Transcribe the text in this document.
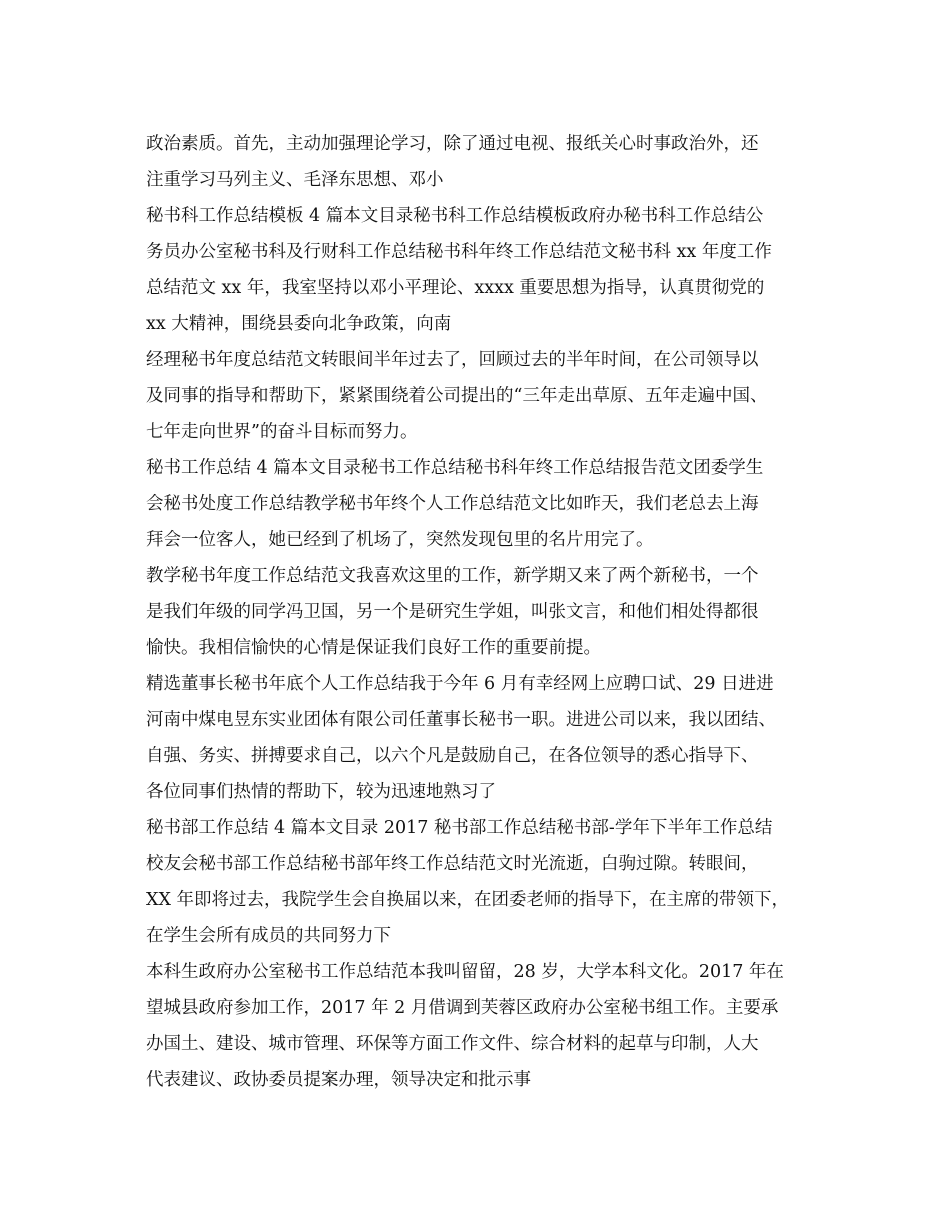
政治素质。首先，主动加强理论学习，除了通过电视、报纸关心时事政治外，还
注重学习马列主义、毛泽东思想、邓小
秘书科工作总结模板 4 篇本文目录秘书科工作总结模板政府办秘书科工作总结公
务员办公室秘书科及行财科工作总结秘书科年终工作总结范文秘书科 xx 年度工作
总结范文 xx 年，我室坚持以邓小平理论、xxxx 重要思想为指导，认真贯彻党的
xx 大精神，围绕县委向北争政策，向南
经理秘书年度总结范文转眼间半年过去了，回顾过去的半年时间，在公司领导以
及同事的指导和帮助下，紧紧围绕着公司提出的“三年走出草原、五年走遍中国、
七年走向世界”的奋斗目标而努力。
秘书工作总结 4 篇本文目录秘书工作总结秘书科年终工作总结报告范文团委学生
会秘书处度工作总结教学秘书年终个人工作总结范文比如昨天，我们老总去上海
拜会一位客人，她已经到了机场了，突然发现包里的名片用完了。
教学秘书年度工作总结范文我喜欢这里的工作，新学期又来了两个新秘书，一个
是我们年级的同学冯卫国，另一个是研究生学姐，叫张文言，和他们相处得都很
愉快。我相信愉快的心情是保证我们良好工作的重要前提。
精选董事长秘书年底个人工作总结我于今年 6 月有幸经网上应聘口试、29 日进进
河南中煤电昱东实业团体有限公司任董事长秘书一职。进进公司以来，我以团结、
自强、务实、拼搏要求自己，以六个凡是鼓励自己，在各位领导的悉心指导下、
各位同事们热情的帮助下，较为迅速地熟习了
秘书部工作总结 4 篇本文目录 2017 秘书部工作总结秘书部-学年下半年工作总结
校友会秘书部工作总结秘书部年终工作总结范文时光流逝，白驹过隙。转眼间，
XX 年即将过去，我院学生会自换届以来，在团委老师的指导下，在主席的带领下，
在学生会所有成员的共同努力下
本科生政府办公室秘书工作总结范本我叫留留，28 岁，大学本科文化。2017 年在
望城县政府参加工作，2017 年 2 月借调到芙蓉区政府办公室秘书组工作。主要承
办国土、建设、城市管理、环保等方面工作文件、综合材料的起草与印制，人大
代表建议、政协委员提案办理，领导决定和批示事
